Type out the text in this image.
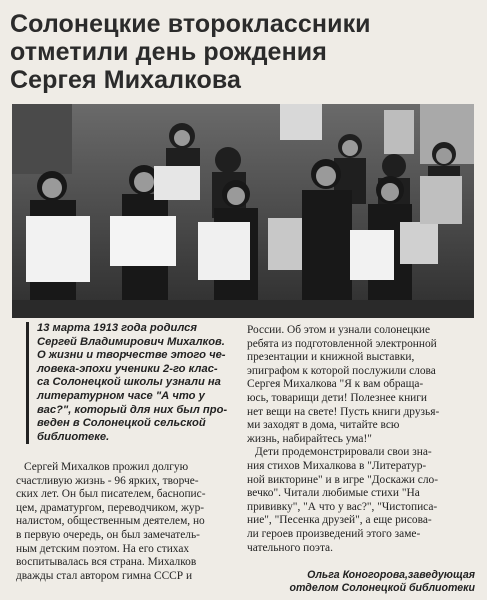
Солонецкие второклассники
отметили день рождения
Сергея Михалкова
13 марта 1913 года родился
Сергей Владимирович Михалков.
О жизни и творчестве этого че-
ловека-эпохи ученики 2-го клас-
са Солонецкой школы узнали на
литературном часе "А что у
вас?", который для них был про-
веден в Солонецкой сельской
библиотеке.
Сергей Михалков прожил долгую
счастливую жизнь - 96 ярких, творче-
ских лет. Он был писателем, баснопис-
цем, драматургом, переводчиком, жур-
налистом, общественным деятелем, но
в первую очередь, он был замечатель-
ным детским поэтом. На его стихах
воспитывалась вся страна. Михалков
дважды стал автором гимна СССР и
России. Об этом и узнали солонецкие
ребята из подготовленной электронной
презентации и книжной выставки,
эпиграфом к которой послужили слова
Сергея Михалкова "Я к вам обраща-
юсь, товарищи дети! Полезнее книги
нет вещи на свете! Пусть книги друзья-
ми заходят в дома, читайте всю
жизнь, набирайтесь ума!"
Дети продемонстрировали свои зна-
ния стихов Михалкова в "Литератур-
ной викторине" и в игре "Доскажи сло-
вечко". Читали любимые стихи "На
прививку", "А что у вас?", "Чистописа-
ние", "Песенка друзей", а еще рисова-
ли героев произведений этого заме-
чательного поэта.
Ольга Коногорова,заведующая
отделом Солонецкой библиотеки
